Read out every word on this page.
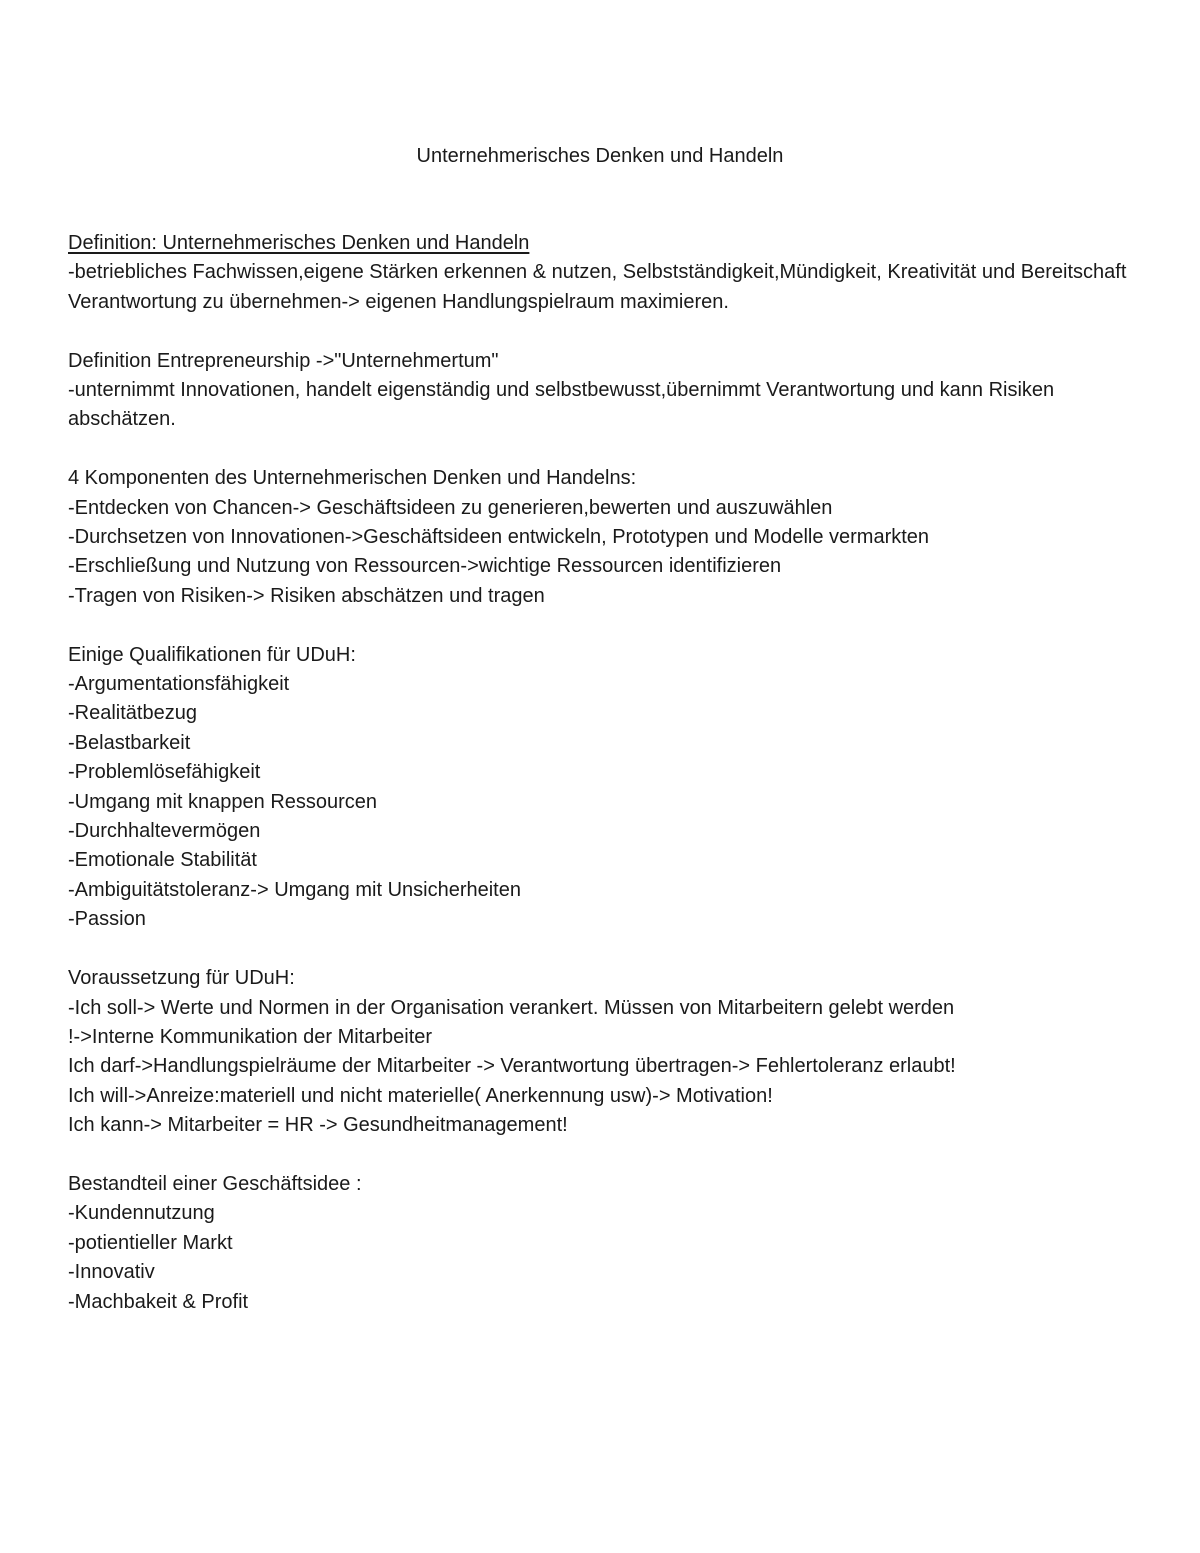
Unternehmerisches Denken und Handeln
Definition: Unternehmerisches Denken und Handeln
-betriebliches Fachwissen,eigene Stärken erkennen & nutzen, Selbstständigkeit,Mündigkeit, Kreativität und Bereitschaft Verantwortung zu übernehmen-> eigenen Handlungspielraum maximieren.
Definition Entrepreneurship ->"Unternehmertum"
-unternimmt Innovationen, handelt eigenständig und selbstbewusst,übernimmt Verantwortung und kann Risiken abschätzen.
4 Komponenten des Unternehmerischen Denken und Handelns:
-Entdecken von Chancen-> Geschäftsideen zu generieren,bewerten und auszuwählen
-Durchsetzen von Innovationen->Geschäftsideen entwickeln, Prototypen und Modelle vermarkten
-Erschließung und Nutzung von Ressourcen->wichtige Ressourcen identifizieren
-Tragen von Risiken-> Risiken abschätzen und tragen
Einige Qualifikationen für UDuH:
-Argumentationsfähigkeit
-Realitätbezug
-Belastbarkeit
-Problemlösefähigkeit
-Umgang mit knappen Ressourcen
-Durchhaltevermögen
-Emotionale Stabilität
-Ambiguitätstoleranz-> Umgang mit Unsicherheiten
-Passion
Voraussetzung für UDuH:
-Ich soll-> Werte und Normen in der Organisation verankert. Müssen von Mitarbeitern gelebt werden
!->Interne Kommunikation der Mitarbeiter
Ich darf->Handlungspielräume der Mitarbeiter -> Verantwortung übertragen-> Fehlertoleranz erlaubt!
Ich will->Anreize:materiell und nicht materielle( Anerkennung usw)-> Motivation!
Ich kann-> Mitarbeiter = HR -> Gesundheitmanagement!
Bestandteil einer Geschäftsidee :
-Kundennutzung
-potientieller Markt
-Innovativ
-Machbakeit & Profit
